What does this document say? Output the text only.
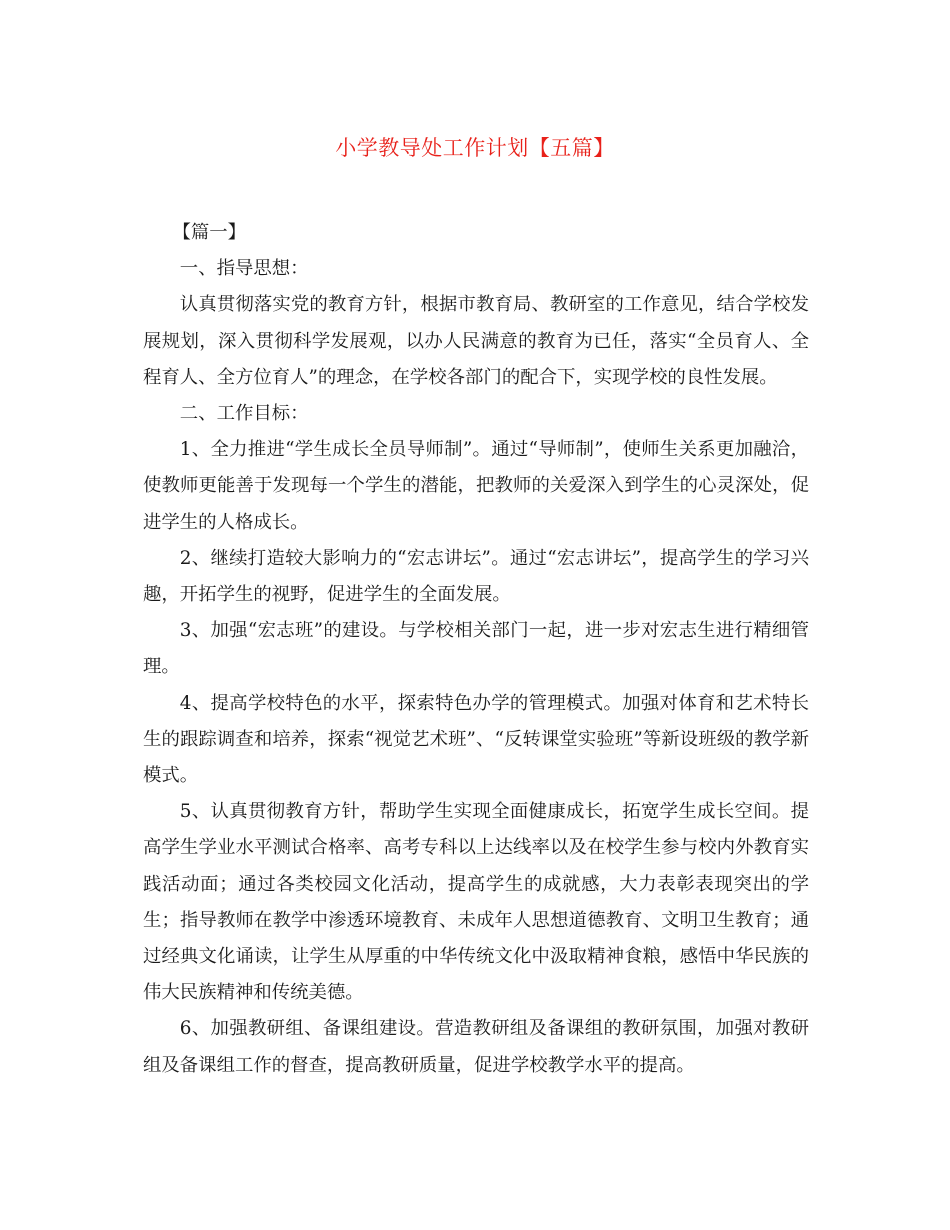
小学教导处工作计划【五篇】

【篇一】

一、指导思想：

认真贯彻落实党的教育方针，根据市教育局、教研室的工作意见，结合学校发展规划，深入贯彻科学发展观，以办人民满意的教育为已任，落实“全员育人、全程育人、全方位育人”的理念，在学校各部门的配合下，实现学校的良性发展。

二、工作目标：

1、全力推进“学生成长全员导师制”。通过“导师制”，使师生关系更加融洽，使教师更能善于发现每一个学生的潜能，把教师的关爱深入到学生的心灵深处，促进学生的人格成长。

2、继续打造较大影响力的“宏志讲坛”。通过“宏志讲坛”，提高学生的学习兴趣，开拓学生的视野，促进学生的全面发展。

3、加强“宏志班”的建设。与学校相关部门一起，进一步对宏志生进行精细管理。

4、提高学校特色的水平，探索特色办学的管理模式。加强对体育和艺术特长生的跟踪调查和培养，探索“视觉艺术班”、“反转课堂实验班”等新设班级的教学新模式。

5、认真贯彻教育方针，帮助学生实现全面健康成长，拓宽学生成长空间。提高学生学业水平测试合格率、高考专科以上达线率以及在校学生参与校内外教育实践活动面；通过各类校园文化活动，提高学生的成就感，大力表彰表现突出的学生；指导教师在教学中渗透环境教育、未成年人思想道德教育、文明卫生教育；通过经典文化诵读，让学生从厚重的中华传统文化中汲取精神食粮，感悟中华民族的伟大民族精神和传统美德。

6、加强教研组、备课组建设。营造教研组及备课组的教研氛围，加强对教研组及备课组工作的督查，提高教研质量，促进学校教学水平的提高。
